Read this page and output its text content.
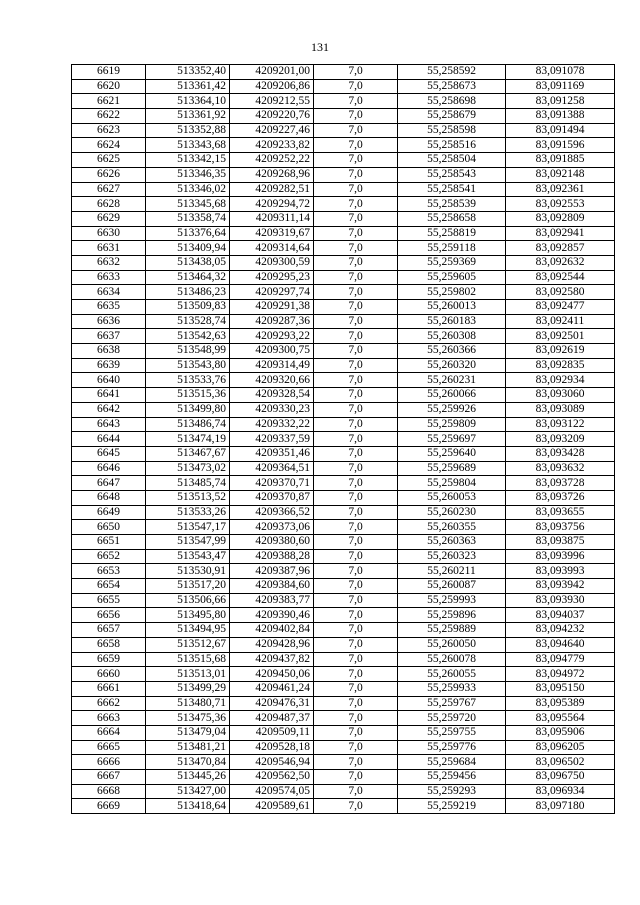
131
6619	513352,40	4209201,00	7,0	55,258592	83,091078
6620	513361,42	4209206,86	7,0	55,258673	83,091169
6621	513364,10	4209212,55	7,0	55,258698	83,091258
6622	513361,92	4209220,76	7,0	55,258679	83,091388
6623	513352,88	4209227,46	7,0	55,258598	83,091494
6624	513343,68	4209233,82	7,0	55,258516	83,091596
6625	513342,15	4209252,22	7,0	55,258504	83,091885
6626	513346,35	4209268,96	7,0	55,258543	83,092148
6627	513346,02	4209282,51	7,0	55,258541	83,092361
6628	513345,68	4209294,72	7,0	55,258539	83,092553
6629	513358,74	4209311,14	7,0	55,258658	83,092809
6630	513376,64	4209319,67	7,0	55,258819	83,092941
6631	513409,94	4209314,64	7,0	55,259118	83,092857
6632	513438,05	4209300,59	7,0	55,259369	83,092632
6633	513464,32	4209295,23	7,0	55,259605	83,092544
6634	513486,23	4209297,74	7,0	55,259802	83,092580
6635	513509,83	4209291,38	7,0	55,260013	83,092477
6636	513528,74	4209287,36	7,0	55,260183	83,092411
6637	513542,63	4209293,22	7,0	55,260308	83,092501
6638	513548,99	4209300,75	7,0	55,260366	83,092619
6639	513543,80	4209314,49	7,0	55,260320	83,092835
6640	513533,76	4209320,66	7,0	55,260231	83,092934
6641	513515,36	4209328,54	7,0	55,260066	83,093060
6642	513499,80	4209330,23	7,0	55,259926	83,093089
6643	513486,74	4209332,22	7,0	55,259809	83,093122
6644	513474,19	4209337,59	7,0	55,259697	83,093209
6645	513467,67	4209351,46	7,0	55,259640	83,093428
6646	513473,02	4209364,51	7,0	55,259689	83,093632
6647	513485,74	4209370,71	7,0	55,259804	83,093728
6648	513513,52	4209370,87	7,0	55,260053	83,093726
6649	513533,26	4209366,52	7,0	55,260230	83,093655
6650	513547,17	4209373,06	7,0	55,260355	83,093756
6651	513547,99	4209380,60	7,0	55,260363	83,093875
6652	513543,47	4209388,28	7,0	55,260323	83,093996
6653	513530,91	4209387,96	7,0	55,260211	83,093993
6654	513517,20	4209384,60	7,0	55,260087	83,093942
6655	513506,66	4209383,77	7,0	55,259993	83,093930
6656	513495,80	4209390,46	7,0	55,259896	83,094037
6657	513494,95	4209402,84	7,0	55,259889	83,094232
6658	513512,67	4209428,96	7,0	55,260050	83,094640
6659	513515,68	4209437,82	7,0	55,260078	83,094779
6660	513513,01	4209450,06	7,0	55,260055	83,094972
6661	513499,29	4209461,24	7,0	55,259933	83,095150
6662	513480,71	4209476,31	7,0	55,259767	83,095389
6663	513475,36	4209487,37	7,0	55,259720	83,095564
6664	513479,04	4209509,11	7,0	55,259755	83,095906
6665	513481,21	4209528,18	7,0	55,259776	83,096205
6666	513470,84	4209546,94	7,0	55,259684	83,096502
6667	513445,26	4209562,50	7,0	55,259456	83,096750
6668	513427,00	4209574,05	7,0	55,259293	83,096934
6669	513418,64	4209589,61	7,0	55,259219	83,097180
